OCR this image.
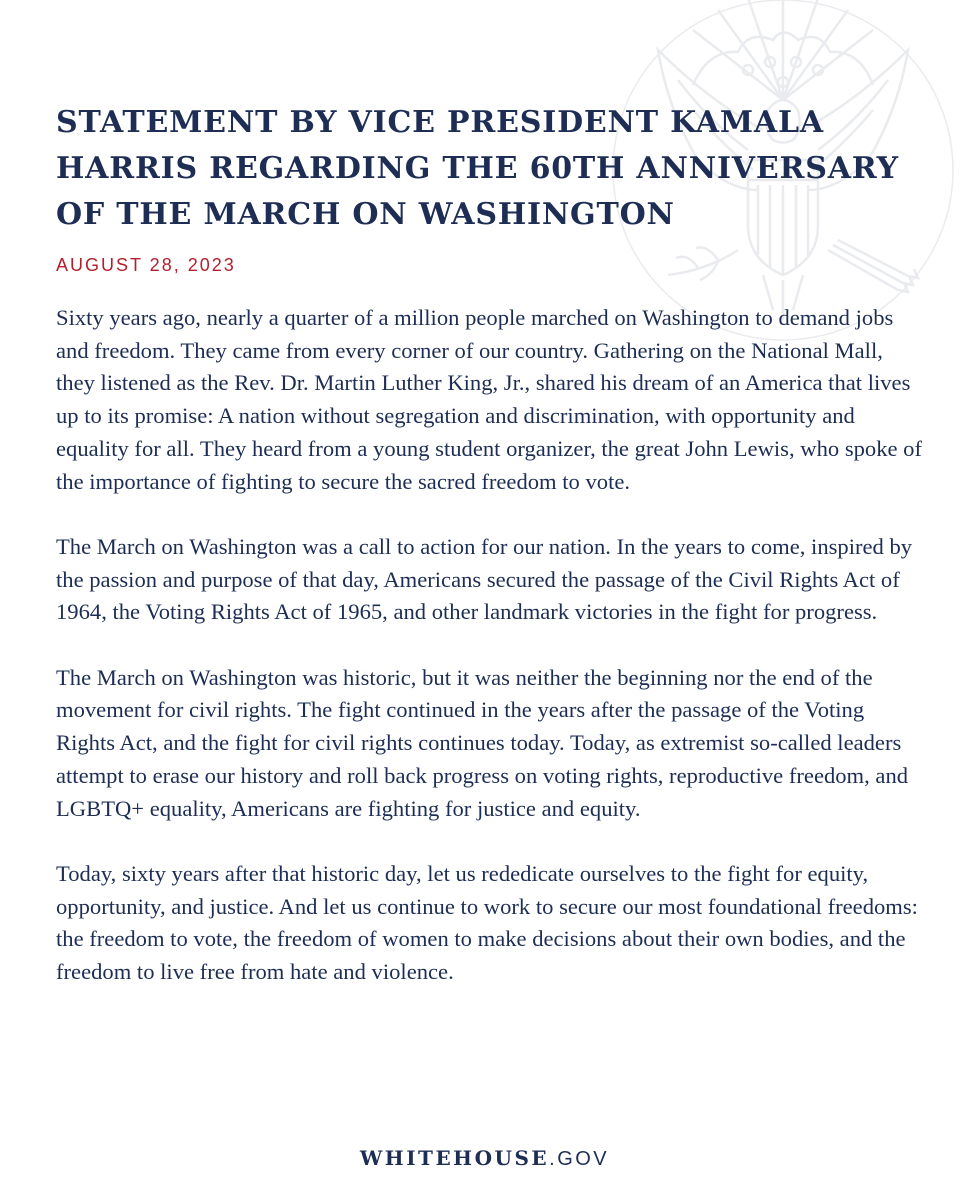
STATEMENT BY VICE PRESIDENT KAMALA HARRIS REGARDING THE 60TH ANNIVERSARY OF THE MARCH ON WASHINGTON
AUGUST 28, 2023

Sixty years ago, nearly a quarter of a million people marched on Washington to demand jobs and freedom. They came from every corner of our country. Gathering on the National Mall, they listened as the Rev. Dr. Martin Luther King, Jr., shared his dream of an America that lives up to its promise: A nation without segregation and discrimination, with opportunity and equality for all. They heard from a young student organizer, the great John Lewis, who spoke of the importance of fighting to secure the sacred freedom to vote.

The March on Washington was a call to action for our nation. In the years to come, inspired by the passion and purpose of that day, Americans secured the passage of the Civil Rights Act of 1964, the Voting Rights Act of 1965, and other landmark victories in the fight for progress.

The March on Washington was historic, but it was neither the beginning nor the end of the movement for civil rights. The fight continued in the years after the passage of the Voting Rights Act, and the fight for civil rights continues today. Today, as extremist so-called leaders attempt to erase our history and roll back progress on voting rights, reproductive freedom, and LGBTQ+ equality, Americans are fighting for justice and equity.

Today, sixty years after that historic day, let us rededicate ourselves to the fight for equity, opportunity, and justice. And let us continue to work to secure our most foundational freedoms: the freedom to vote, the freedom of women to make decisions about their own bodies, and the freedom to live free from hate and violence.

WHITEHOUSE.GOV
